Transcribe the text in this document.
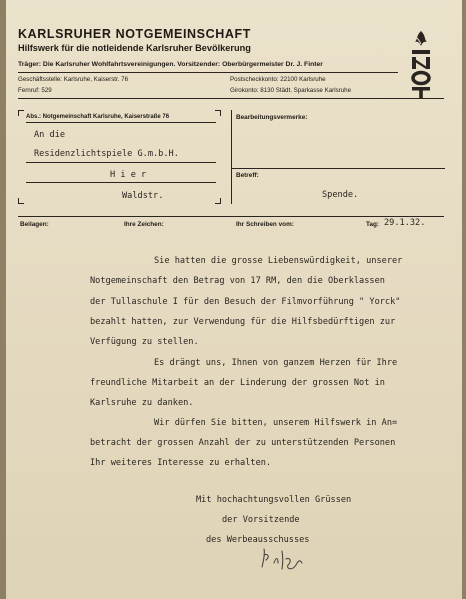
KARLSRUHER NOTGEMEINSCHAFT
Hilfswerk für die notleidende Karlsruher Bevölkerung
Träger: Die Karlsruher Wohlfahrtsvereinigungen. Vorsitzender: Oberbürgermeister Dr. J. Finter
Geschäftsstelle: Karlsruhe, Kaiserstr. 76
Fernruf: 529
Postscheckkonto: 22100 Karlsruhe
Girokonto: 8130 Städt. Sparkasse Karlsruhe
Abs.: Notgemeinschaft Karlsruhe, Kaiserstraße 76
An die
Residenzlichtspiele G.m.b.H.
H i e r
Waldstr.
Bearbeitungsvermerke:
Betreff:
Spende.
Beilagen:	Ihre Zeichen:	Ihr Schreiben vom:	Tag: 29.1.32.
Sie hatten die grosse Liebenswürdigkeit, unserer
Notgemeinschaft den Betrag von 17 RM, den die Oberklassen
der Tullaschule I für den Besuch der Filmvorführung " Yorck"
bezahlt hatten, zur Verwendung für die Hilfsbedürftigen zur
Verfügung zu stellen.
Es drängt uns, Ihnen von ganzem Herzen für Ihre
freundliche Mitarbeit an der Linderung der grossen Not in
Karlsruhe zu danken.
Wir dürfen Sie bitten, unserem Hilfswerk in An=
betracht der grossen Anzahl der zu unterstützenden Personen
Ihr weiteres Interesse zu erhalten.
Mit hochachtungsvollen Grüssen
der Vorsitzende
des Werbeausschusses
